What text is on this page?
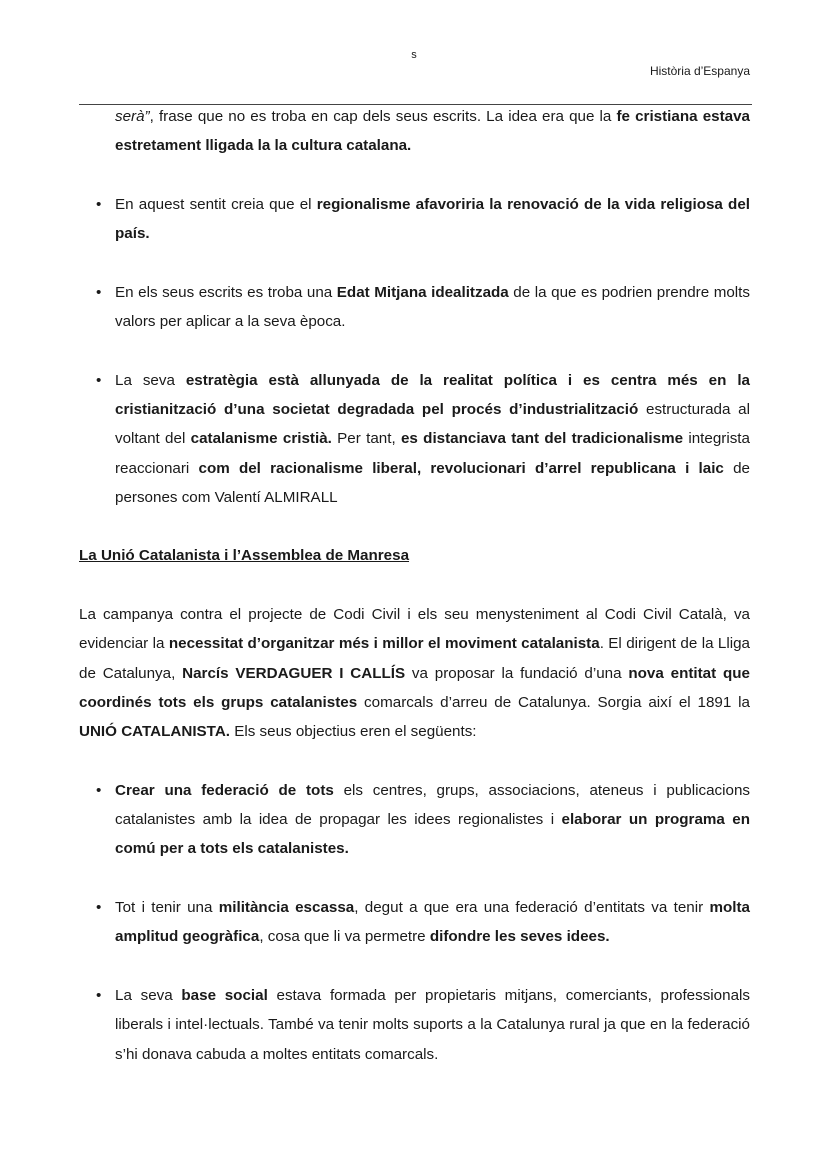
s
Història d’Espanya
serà”, frase que no es troba en cap dels seus escrits. La idea era que la fe cristiana estava estretament lligada la la cultura catalana.
• En aquest sentit creia que el regionalisme afavoriria la renovació de la vida religiosa del país.
• En els seus escrits es troba una Edat Mitjana idealitzada de la que es podrien prendre molts valors per aplicar a la seva època.
• La seva estratègia està allunyada de la realitat política i es centra més en la cristianització d’una societat degradada pel procés d’industrialització estructurada al voltant del catalanisme cristià. Per tant, es distanciava tant del tradicionalisme integrista reaccionari com del racionalisme liberal, revolucionari d’arrel republicana i laic de persones com Valentí ALMIRALL
La Unió Catalanista i l’Assemblea de Manresa
La campanya contra el projecte de Codi Civil i els seu menysteniment al Codi Civil Català, va evidenciar la necessitat d’organitzar més i millor el moviment catalanista. El dirigent de la Lliga de Catalunya, Narcís VERDAGUER I CALLÍS va proposar la fundació d’una nova entitat que coordinés tots els grups catalanistes comarcals d’arreu de Catalunya. Sorgia així el 1891 la UNIÓ CATALANISTA. Els seus objectius eren el següents:
• Crear una federació de tots els centres, grups, associacions, ateneus i publicacions catalanistes amb la idea de propagar les idees regionalistes i elaborar un programa en comú per a tots els catalanistes.
• Tot i tenir una militància escassa, degut a que era una federació d’entitats va tenir molta amplitud geogràfica, cosa que li va permetre difondre les seves idees.
• La seva base social estava formada per propietaris mitjans, comerciants, professionals liberals i intel·lectuals. També va tenir molts suports a la Catalunya rural ja que en la federació s’hi donava cabuda a moltes entitats comarcals.
